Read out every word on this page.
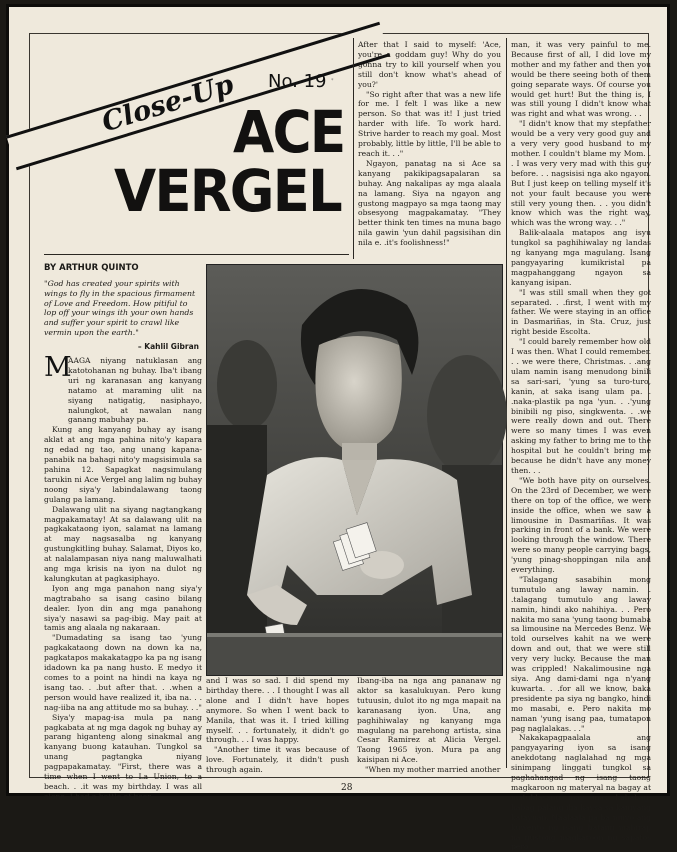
Close-Up No. 19 *
ACE
VERGEL
BY ARTHUR QUINTO

"God has created your spirits with wings to fly in the spacious firmament of Love and Freedom. How pitiful to lop off your wings ith your own hands and suffer your spirit to crawl like vermin upon the earth."

– Kahlil Gibran
M

AAGA niyang natuklasan ang katotohanan ng buhay. Iba't ibang uri ng karanasan ang kanyang natamo at maraming ulit na siyang natigatig, nasiphayo, nalungkot, at nawalan nang ganang mabuhay pa.

Kung ang kanyang buhay ay isang aklat at ang mga pahina nito'y kapara ng edad ng tao, ang unang kapana-panabik na bahagi nito'y magsisimula sa pahina 12. Sapagkat nagsimulang tarukin ni Ace Vergel ang lalim ng buhay noong siya'y labindalawang taong gulang pa lamang.

Dalawang ulit na siyang nagtangkang magpakamatay! At sa dalawang ulit na pagkakataong iyon, salamat na lamang at may nagsasalba ng kanyang gustungkitling buhay. Salamat, Diyos ko, at nalalampasan niya nang maluwalhati ang mga krisis na iyon na dulot ng kalungkutan at pagkasiphayo.

Iyon ang mga panahon nang siya'y magtrabaho sa isang casino bilang dealer. Iyon din ang mga panahong siya'y nasawi sa pag-ibig. May pait at tamis ang alaala ng nakaraan.

"Dumadating sa isang tao 'yung pagkakataong down na down ka na, pagkatapos makakatagpo ka pa ng isang idadown ka pa nang husto. E medyo it comes to a point na hindi na kaya ng isang tao. . .but after that. . .when a person would have realized it, iba na. . . nag-iiba na ang attitude mo sa buhay. . ."

Siya'y mapag-isa mula pa nang pagkabata at ng mga dagok ng buhay ay parang higanteng along sinakmal ang kanyang buong katauhan. Tungkol sa unang pagtangka niyang pagpapakamatay. "First, there was a time when I went to La Union, to a beach. . .it was my birthday. I was all alone. I had a bottle of beer

After that I said to myself: 'Ace, you're a goddam guy! Why do you gonna try to kill yourself when you still don't know what's ahead of you?'

"So right after that was a new life for me. I felt I was like a new person. So that was it! I just tried harder with life. To work hard. Strive harder to reach my goal. Most probably, little by little, I'll be able to reach it. . ."

Ngayon, panatag na si Ace sa kanyang pakikipagsapalaran sa buhay. Ang nakalipas ay mga alaala na lamang. Siya na ngayon ang gustong magpayo sa mga taong may obsesyong magpakamatay. "They better think ten times na muna bago nila gawin 'yun dahil pagsisihan din nila e. .it's foolishness!"

and I was so sad. I did spend my birthday there. . . I thought I was all alone and I didn't have hopes anymore. So when I went back to Manila, that was it. I tried killing myself. . . fortunately, it didn't go through. . . I was happy.

"Another time it was because of love. Fortunately, it didn't push through again.

Ibang-iba na nga ang pananaw ng aktor sa kasalukuyan. Pero kung tutuusin, dulot ito ng mga mapait na karanasang iyon. Una, ang paghihiwalay ng kanyang mga magulang na parehong artista, sina Cesar Ramirez at Alicia Vergel. Taong 1965 iyon. Mura pa ang kaisipan ni Ace.

"When my mother married another

man, it was very painful to me. Because first of all, I did love my mother and my father and then you would be there seeing both of them going separate ways. Of course you would get hurt! But the thing is, I was still young I didn't know what was right and what was wrong. . .

"I didn't know that my stepfather would be a very very good guy and a very very good husband to my mother. I couldn't blame my Mom. . . I was very very mad with this guy before. . . nagsisisi nga ako ngayon. But I just keep on telling myself it's not your fault because you were still very young then. . . you didn't know which was the right way, which was the wrong way. . ."

Balik-alaala matapos ang isyu tungkol sa paghihiwalay ng landas ng kanyang mga magulang. Isang pangyayaring kumikristal pa magpahanggang ngayon sa kanyang isipan.

"I was still small when they got separated. . .first, I went with my father. We were staying in an office in Dasmariñas, in Sta. Cruz, just right beside Escolta.

"I could barely remember how old I was then. What I could remember. . . we were there, Christmas. . .ang ulam namin isang menudong binili sa sari-sari, 'yung sa turo-turo, kanin, at saka isang ulam pa. . .naka-plastik pa nga 'yun. . .'yung binibili ng piso, singkwenta. . .we were really down and out. There were so many times I was even asking my father to bring me to the hospital but he couldn't bring me because he didn't have any money then. . .

"We both have pity on ourselves. On the 23rd of December, we were there on top of the office, we were inside the office, when we saw a limousine in Dasmariñas. It was parking in front of a bank. We were looking through the window. There were so many people carrying bags, 'yung pinag-shoppingan nila and everything.

"Talagang sasabihin mong tumutulo ang laway namin. . .talagang tumutulo ang laway namin, hindi ako nahihiya. . . Pero nakita mo sana 'yung taong bumaba sa limousine na Mercedes Benz. We told ourselves kahit na we were down and out, that we were still very very lucky. Because the man was crippled! Nakalimousine nga siya. Ang dami-dami nga n'yang kuwarta. . .for all we know, baka presidente pa siya ng bangko, hindi mo masabi, e. Pero nakita mo naman 'yung isang paa, tumatapon pag naglalakas. . ."

Nakakapagpaalala ang pangyayaring iyon sa isang anekdotang naglalahad ng mga sinimpang linggati tungkol sa paghahangad ng isang taong magkaroon ng materyal na bagay at matuklasang may mas kahabag-habag palang iba kaysa sa kaniyang katayuan. Naalaala pa ba ninyo ang kuwento ng isang batang mahirap na gustong magkaroon ng sapatos pero

28
